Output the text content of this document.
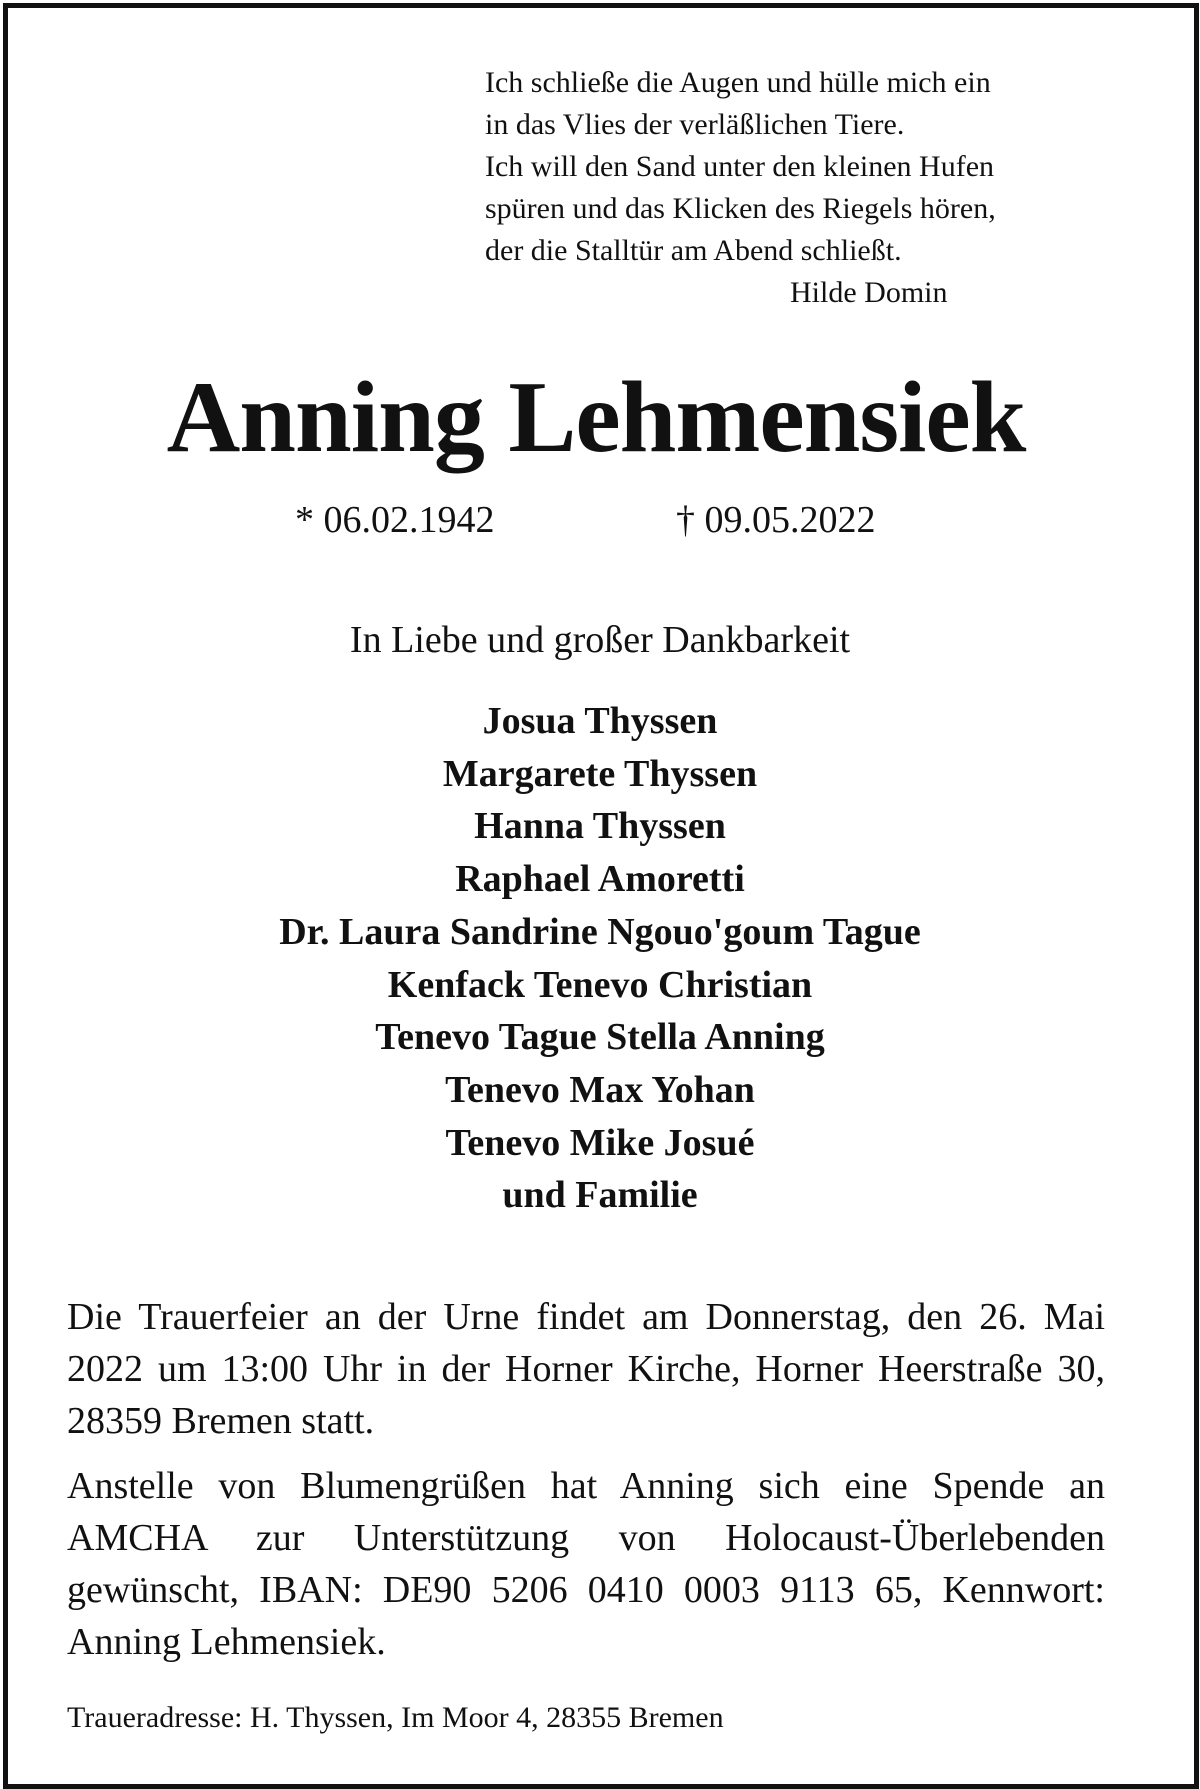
Ich schließe die Augen und hülle mich ein
in das Vlies der verläßlichen Tiere.
Ich will den Sand unter den kleinen Hufen
spüren und das Klicken des Riegels hören,
der die Stalltür am Abend schließt.
Hilde Domin
Anning Lehmensiek
* 06.02.1942	† 09.05.2022
In Liebe und großer Dankbarkeit
Josua Thyssen
Margarete Thyssen
Hanna Thyssen
Raphael Amoretti
Dr. Laura Sandrine Ngouo'goum Tague
Kenfack Tenevo Christian
Tenevo Tague Stella Anning
Tenevo Max Yohan
Tenevo Mike Josué
und Familie
Die Trauerfeier an der Urne findet am Donnerstag, den 26. Mai 2022 um 13:00 Uhr in der Horner Kirche, Horner Heerstraße 30, 28359 Bremen statt.
Anstelle von Blumengrüßen hat Anning sich eine Spende an AMCHA zur Unterstützung von Holocaust-Überlebenden gewünscht, IBAN: DE90 5206 0410 0003 9113 65, Kennwort: Anning Lehmensiek.
Traueradresse: H. Thyssen, Im Moor 4, 28355 Bremen
